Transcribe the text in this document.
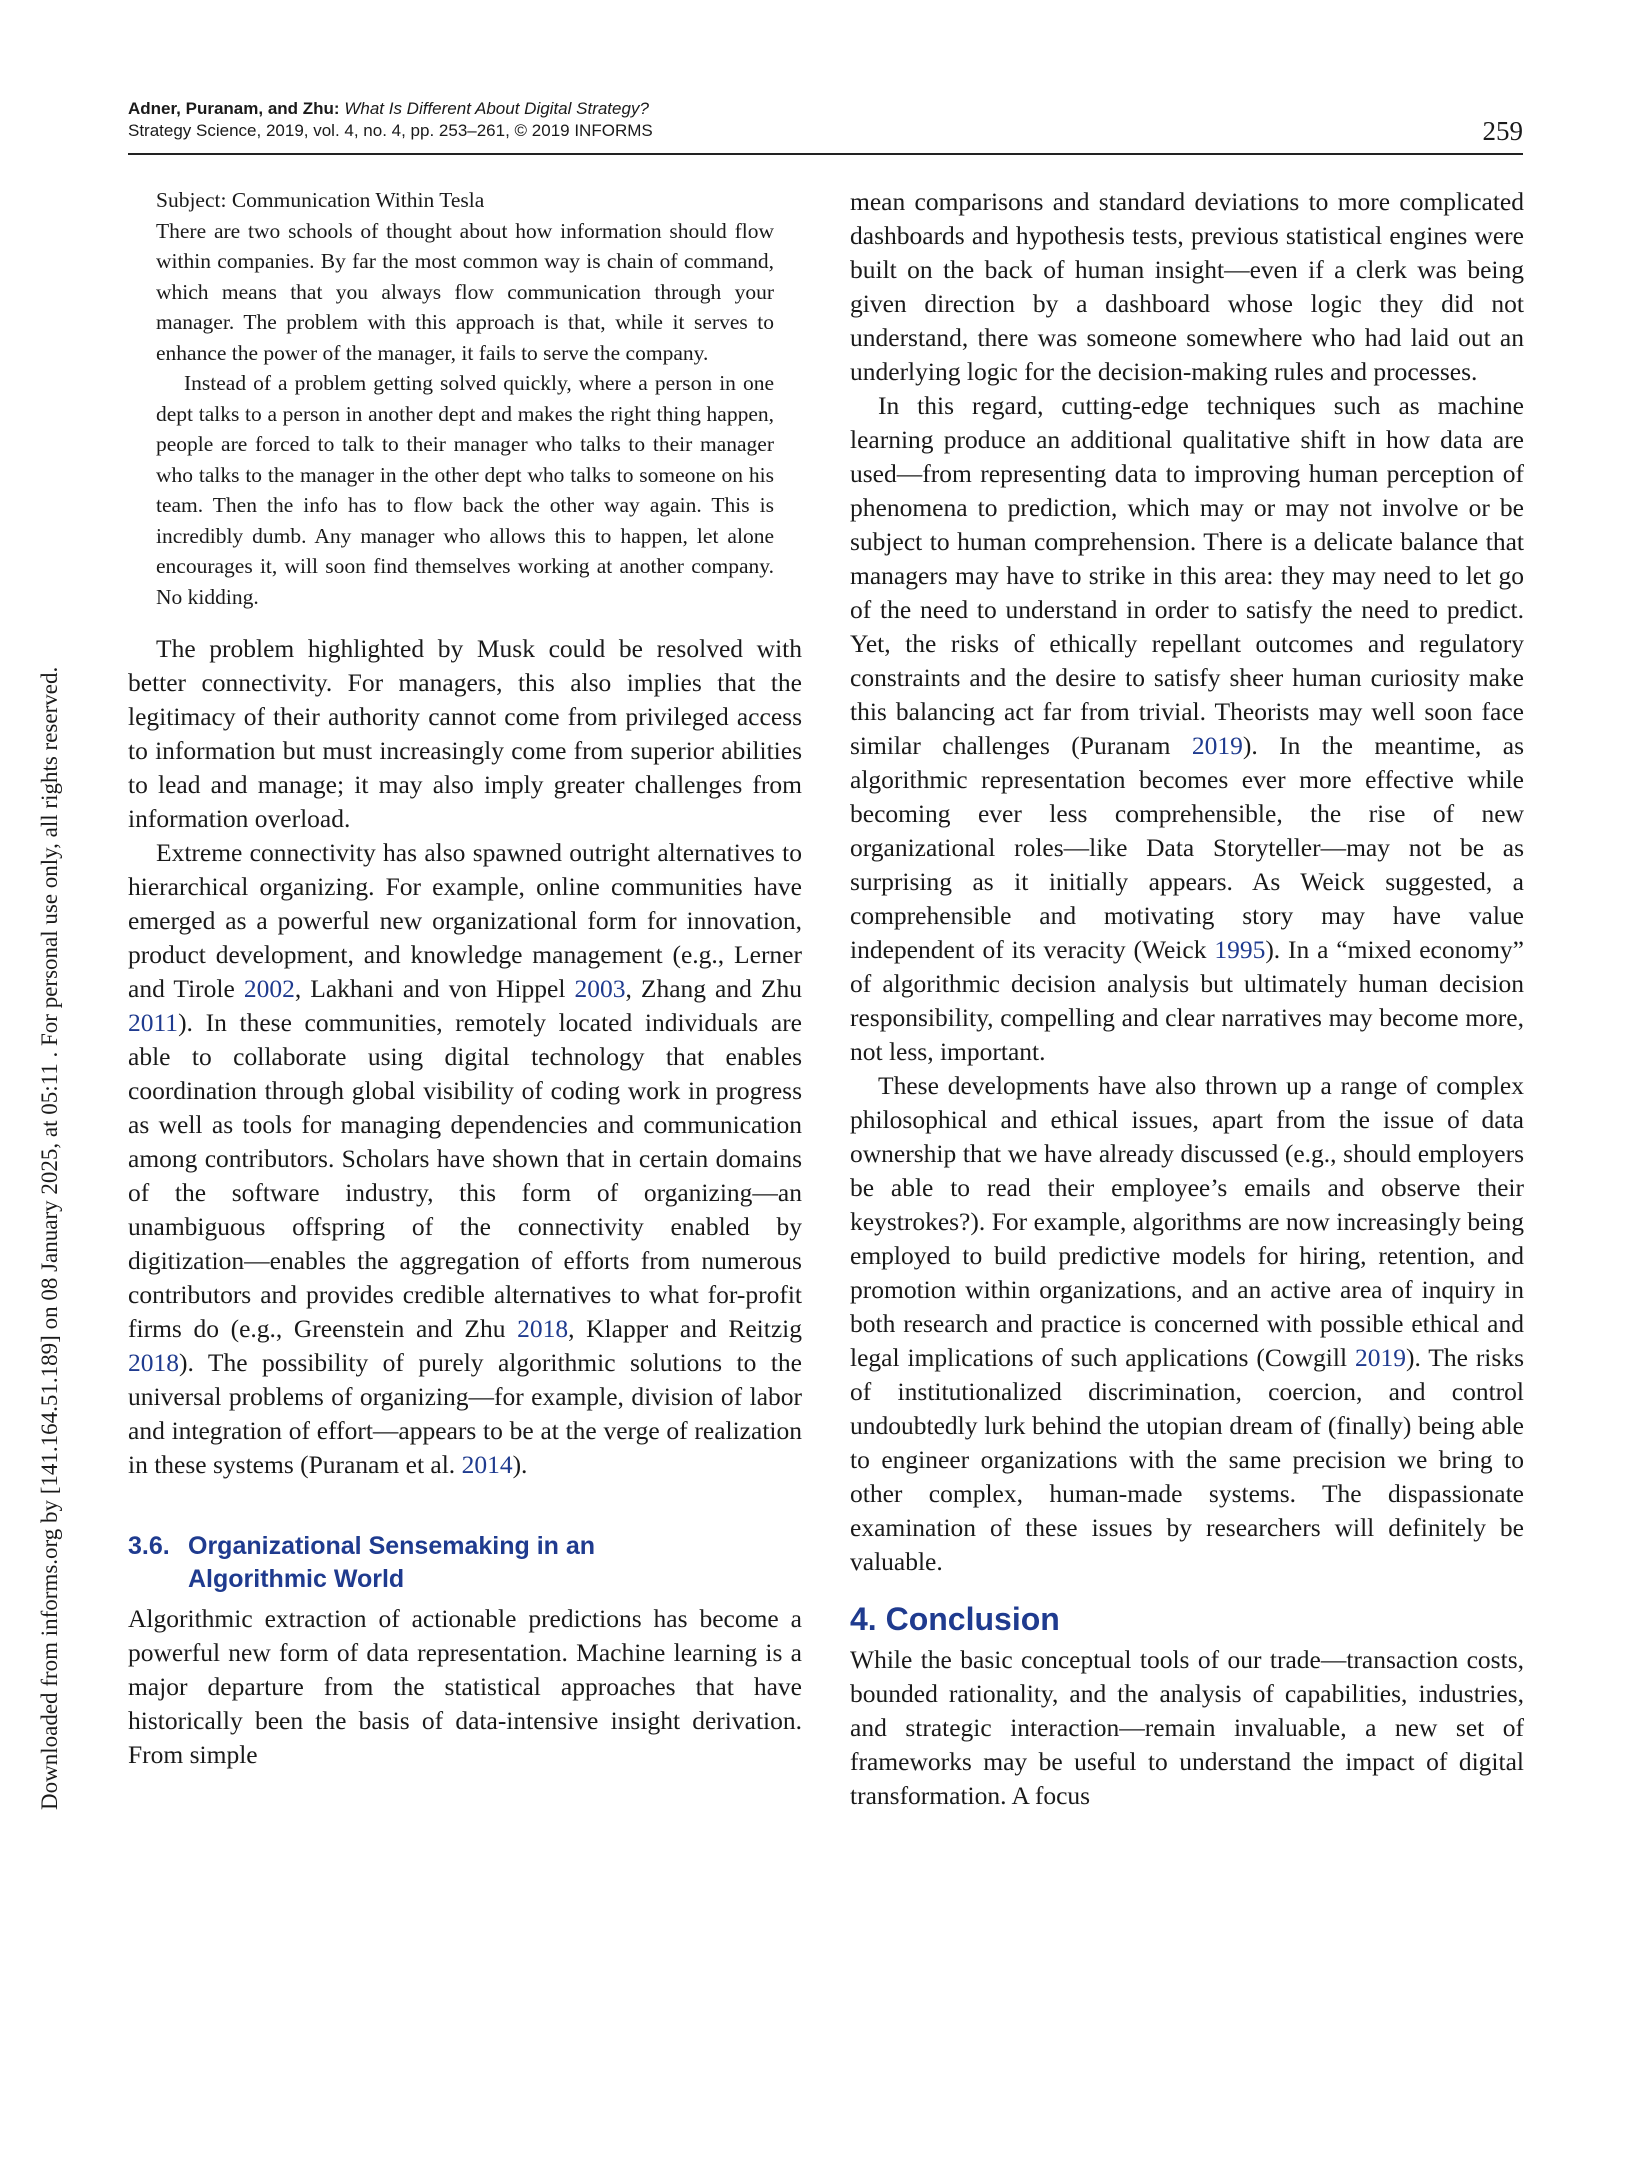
Adner, Puranam, and Zhu: What Is Different About Digital Strategy?
Strategy Science, 2019, vol. 4, no. 4, pp. 253–261, © 2019 INFORMS	259
Downloaded from informs.org by [141.164.51.189] on 08 January 2025, at 05:11 . For personal use only, all rights reserved.

Subject: Communication Within Tesla

There are two schools of thought about how information should flow within companies. By far the most common way is chain of command, which means that you always flow communication through your manager. The problem with this approach is that, while it serves to enhance the power of the manager, it fails to serve the company.

Instead of a problem getting solved quickly, where a person in one dept talks to a person in another dept and makes the right thing happen, people are forced to talk to their manager who talks to their manager who talks to the manager in the other dept who talks to someone on his team. Then the info has to flow back the other way again. This is incredibly dumb. Any manager who allows this to happen, let alone encourages it, will soon find themselves working at another company. No kidding.

The problem highlighted by Musk could be resolved with better connectivity. For managers, this also implies that the legitimacy of their authority cannot come from privileged access to information but must increasingly come from superior abilities to lead and manage; it may also imply greater challenges from information overload.

Extreme connectivity has also spawned outright alternatives to hierarchical organizing. For example, online communities have emerged as a powerful new organizational form for innovation, product development, and knowledge management (e.g., Lerner and Tirole 2002, Lakhani and von Hippel 2003, Zhang and Zhu 2011). In these communities, remotely located individuals are able to collaborate using digital technology that enables coordination through global visibility of coding work in progress as well as tools for managing dependencies and communication among contributors. Scholars have shown that in certain domains of the software industry, this form of organizing—an unambiguous offspring of the connectivity enabled by digitization—enables the aggregation of efforts from numerous contributors and provides credible alternatives to what for-profit firms do (e.g., Greenstein and Zhu 2018, Klapper and Reitzig 2018). The possibility of purely algorithmic solutions to the universal problems of organizing—for example, division of labor and integration of effort—appears to be at the verge of realization in these systems (Puranam et al. 2014).

3.6. Organizational Sensemaking in an
Algorithmic World

Algorithmic extraction of actionable predictions has become a powerful new form of data representation. Machine learning is a major departure from the statistical approaches that have historically been the basis of data-intensive insight derivation. From simple

mean comparisons and standard deviations to more complicated dashboards and hypothesis tests, previous statistical engines were built on the back of human insight—even if a clerk was being given direction by a dashboard whose logic they did not understand, there was someone somewhere who had laid out an underlying logic for the decision-making rules and processes.

In this regard, cutting-edge techniques such as machine learning produce an additional qualitative shift in how data are used—from representing data to improving human perception of phenomena to prediction, which may or may not involve or be subject to human comprehension. There is a delicate balance that managers may have to strike in this area: they may need to let go of the need to understand in order to satisfy the need to predict. Yet, the risks of ethically repellant outcomes and regulatory constraints and the desire to satisfy sheer human curiosity make this balancing act far from trivial. Theorists may well soon face similar challenges (Puranam 2019). In the meantime, as algorithmic representation becomes ever more effective while becoming ever less comprehensible, the rise of new organizational roles—like Data Storyteller—may not be as surprising as it initially appears. As Weick suggested, a comprehensible and motivating story may have value independent of its veracity (Weick 1995). In a “mixed economy” of algorithmic decision analysis but ultimately human decision responsibility, compelling and clear narratives may become more, not less, important.

These developments have also thrown up a range of complex philosophical and ethical issues, apart from the issue of data ownership that we have already discussed (e.g., should employers be able to read their employee’s emails and observe their keystrokes?). For example, algorithms are now increasingly being employed to build predictive models for hiring, retention, and promotion within organizations, and an active area of inquiry in both research and practice is concerned with possible ethical and legal implications of such applications (Cowgill 2019). The risks of institutionalized discrimination, coercion, and control undoubtedly lurk behind the utopian dream of (finally) being able to engineer organizations with the same precision we bring to other complex, human-made systems. The dispassionate examination of these issues by researchers will definitely be valuable.

4. Conclusion

While the basic conceptual tools of our trade—transaction costs, bounded rationality, and the analysis of capabilities, industries, and strategic interaction—remain invaluable, a new set of frameworks may be useful to understand the impact of digital transformation. A focus
